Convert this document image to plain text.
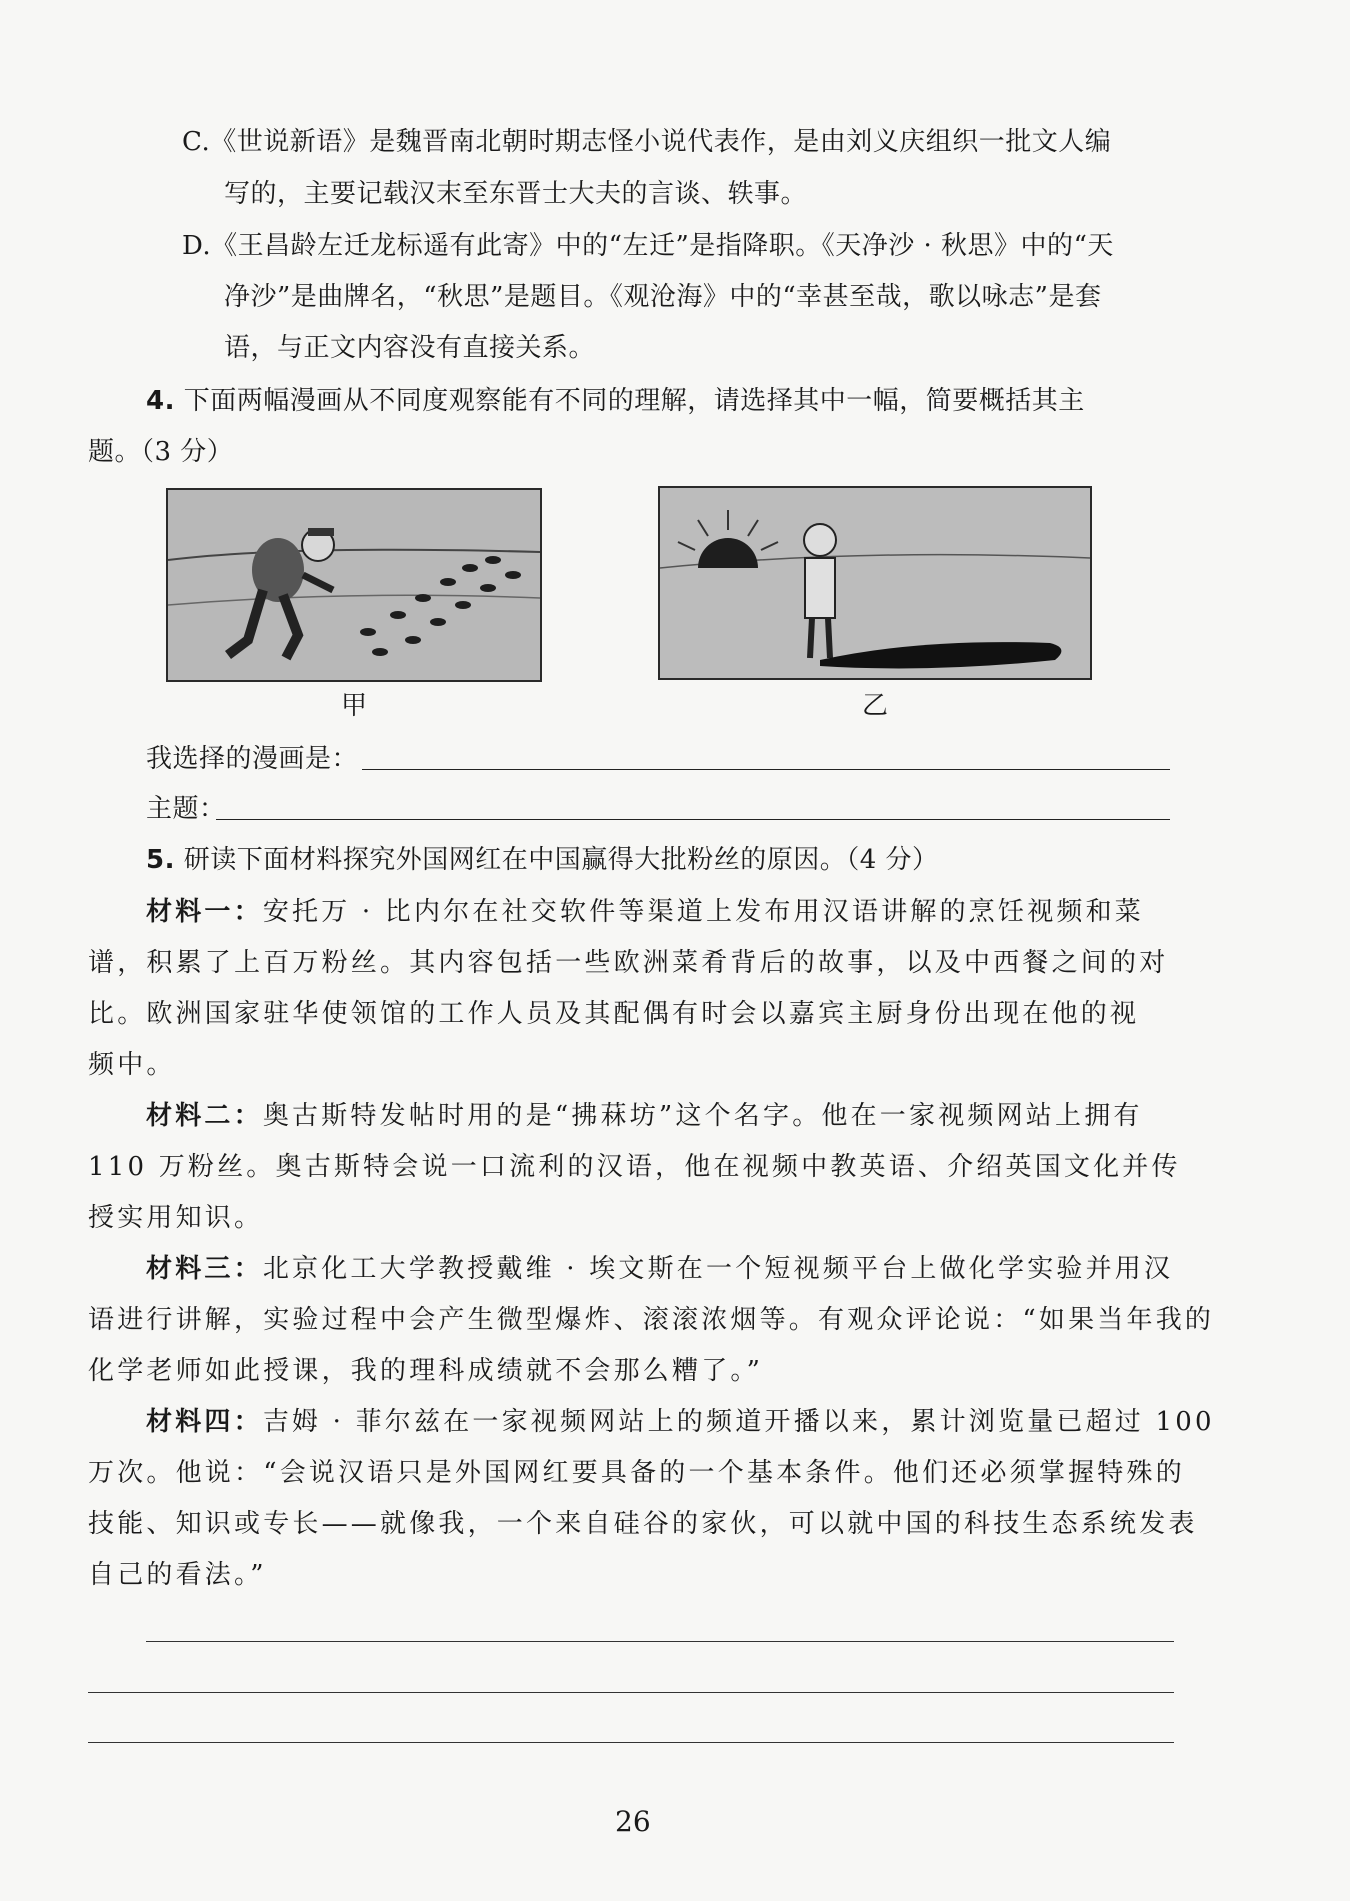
C.《世说新语》是魏晋南北朝时期志怪小说代表作，是由刘义庆组织一批文人编
写的，主要记载汉末至东晋士大夫的言谈、轶事。
D.《王昌龄左迁龙标遥有此寄》中的“左迁”是指降职。《天净沙 · 秋思》中的“天
净沙”是曲牌名，“秋思”是题目。《观沧海》中的“幸甚至哉，歌以咏志”是套
语，与正文内容没有直接关系。
4. 下面两幅漫画从不同度观察能有不同的理解，请选择其中一幅，简要概括其主
题。（3 分）
甲	乙
我选择的漫画是：
主题：
5. 研读下面材料探究外国网红在中国赢得大批粉丝的原因。（4 分）
材料一：安托万 · 比内尔在社交软件等渠道上发布用汉语讲解的烹饪视频和菜
谱，积累了上百万粉丝。其内容包括一些欧洲菜肴背后的故事，以及中西餐之间的对
比。欧洲国家驻华使领馆的工作人员及其配偶有时会以嘉宾主厨身份出现在他的视
频中。
材料二：奥古斯特发帖时用的是“拂菻坊”这个名字。他在一家视频网站上拥有
110 万粉丝。奥古斯特会说一口流利的汉语，他在视频中教英语、介绍英国文化并传
授实用知识。
材料三：北京化工大学教授戴维 · 埃文斯在一个短视频平台上做化学实验并用汉
语进行讲解，实验过程中会产生微型爆炸、滚滚浓烟等。有观众评论说：“如果当年我的
化学老师如此授课，我的理科成绩就不会那么糟了。”
材料四：吉姆 · 菲尔兹在一家视频网站上的频道开播以来，累计浏览量已超过 100
万次。他说：“会说汉语只是外国网红要具备的一个基本条件。他们还必须掌握特殊的
技能、知识或专长——就像我，一个来自硅谷的家伙，可以就中国的科技生态系统发表
自己的看法。”
26
